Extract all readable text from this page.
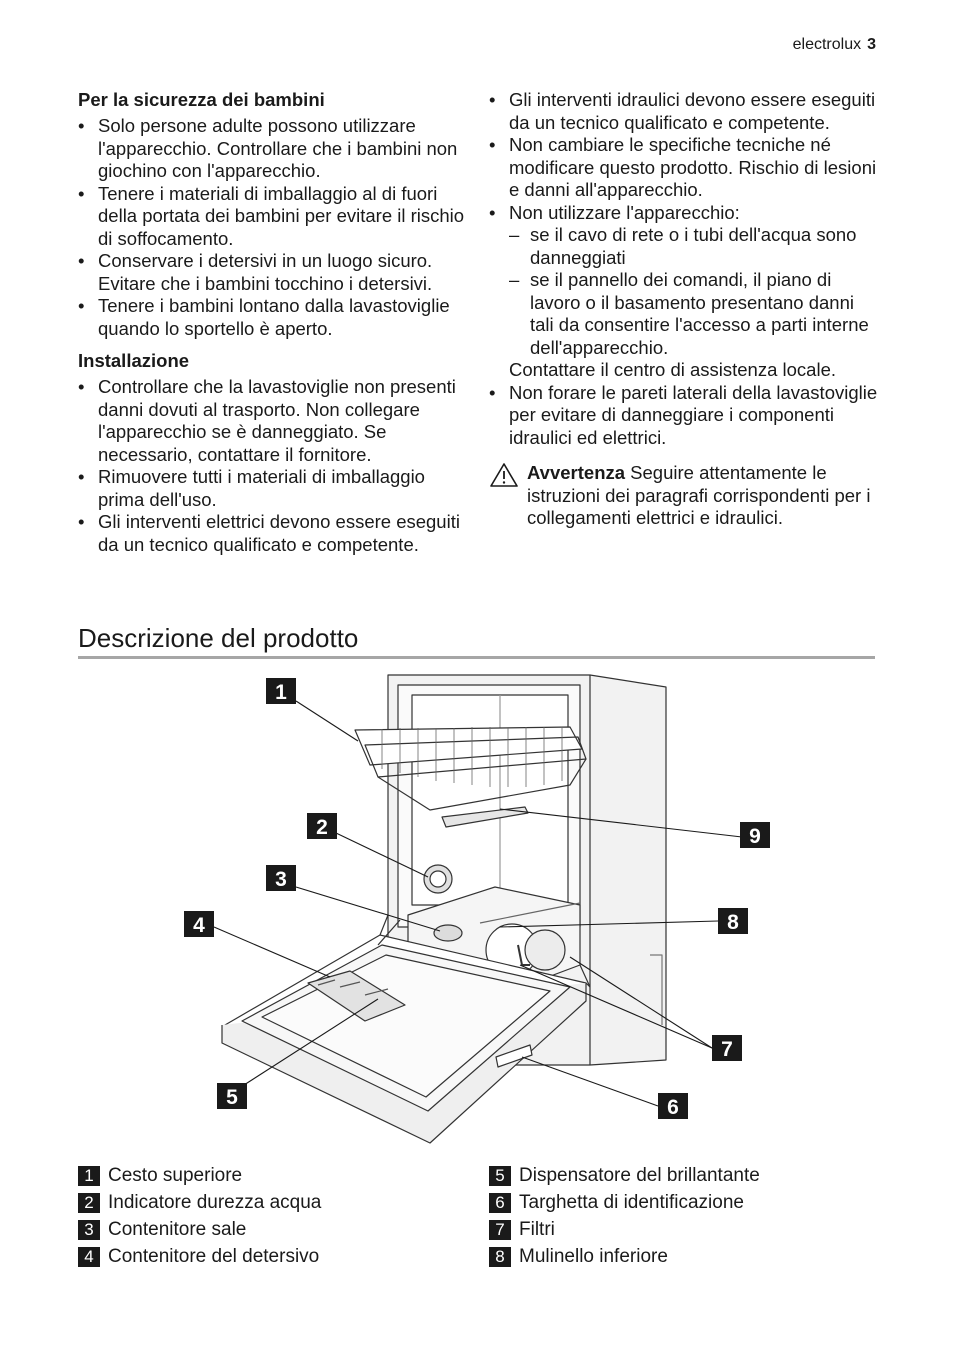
electrolux 3
Per la sicurezza dei bambini
• Solo persone adulte possono utilizzare l'apparecchio. Controllare che i bambini non giochino con l'apparecchio.
• Tenere i materiali di imballaggio al di fuori della portata dei bambini per evitare il rischio di soffocamento.
• Conservare i detersivi in un luogo sicuro. Evitare che i bambini tocchino i detersivi.
• Tenere i bambini lontano dalla lavastoviglie quando lo sportello è aperto.
Installazione
• Controllare che la lavastoviglie non presenti danni dovuti al trasporto. Non collegare l'apparecchio se è danneggiato. Se necessario, contattare il fornitore.
• Rimuovere tutti i materiali di imballaggio prima dell'uso.
• Gli interventi elettrici devono essere eseguiti da un tecnico qualificato e competente.
• Gli interventi idraulici devono essere eseguiti da un tecnico qualificato e competente.
• Non cambiare le specifiche tecniche né modificare questo prodotto. Rischio di lesioni e danni all'apparecchio.
• Non utilizzare l'apparecchio:
– se il cavo di rete o i tubi dell'acqua sono danneggiati
– se il pannello dei comandi, il piano di lavoro o il basamento presentano danni tali da consentire l'accesso a parti interne dell'apparecchio.
Contattare il centro di assistenza locale.
• Non forare le pareti laterali della lavastoviglie per evitare di danneggiare i componenti idraulici ed elettrici.
Avvertenza Seguire attentamente le istruzioni dei paragrafi corrispondenti per i collegamenti elettrici e idraulici.
Descrizione del prodotto
1
2
3
4
5	6
7
8
9
1 Cesto superiore
2 Indicatore durezza acqua
3 Contenitore sale
4 Contenitore del detersivo
5 Dispensatore del brillantante
6 Targhetta di identificazione
7 Filtri
8 Mulinello inferiore
